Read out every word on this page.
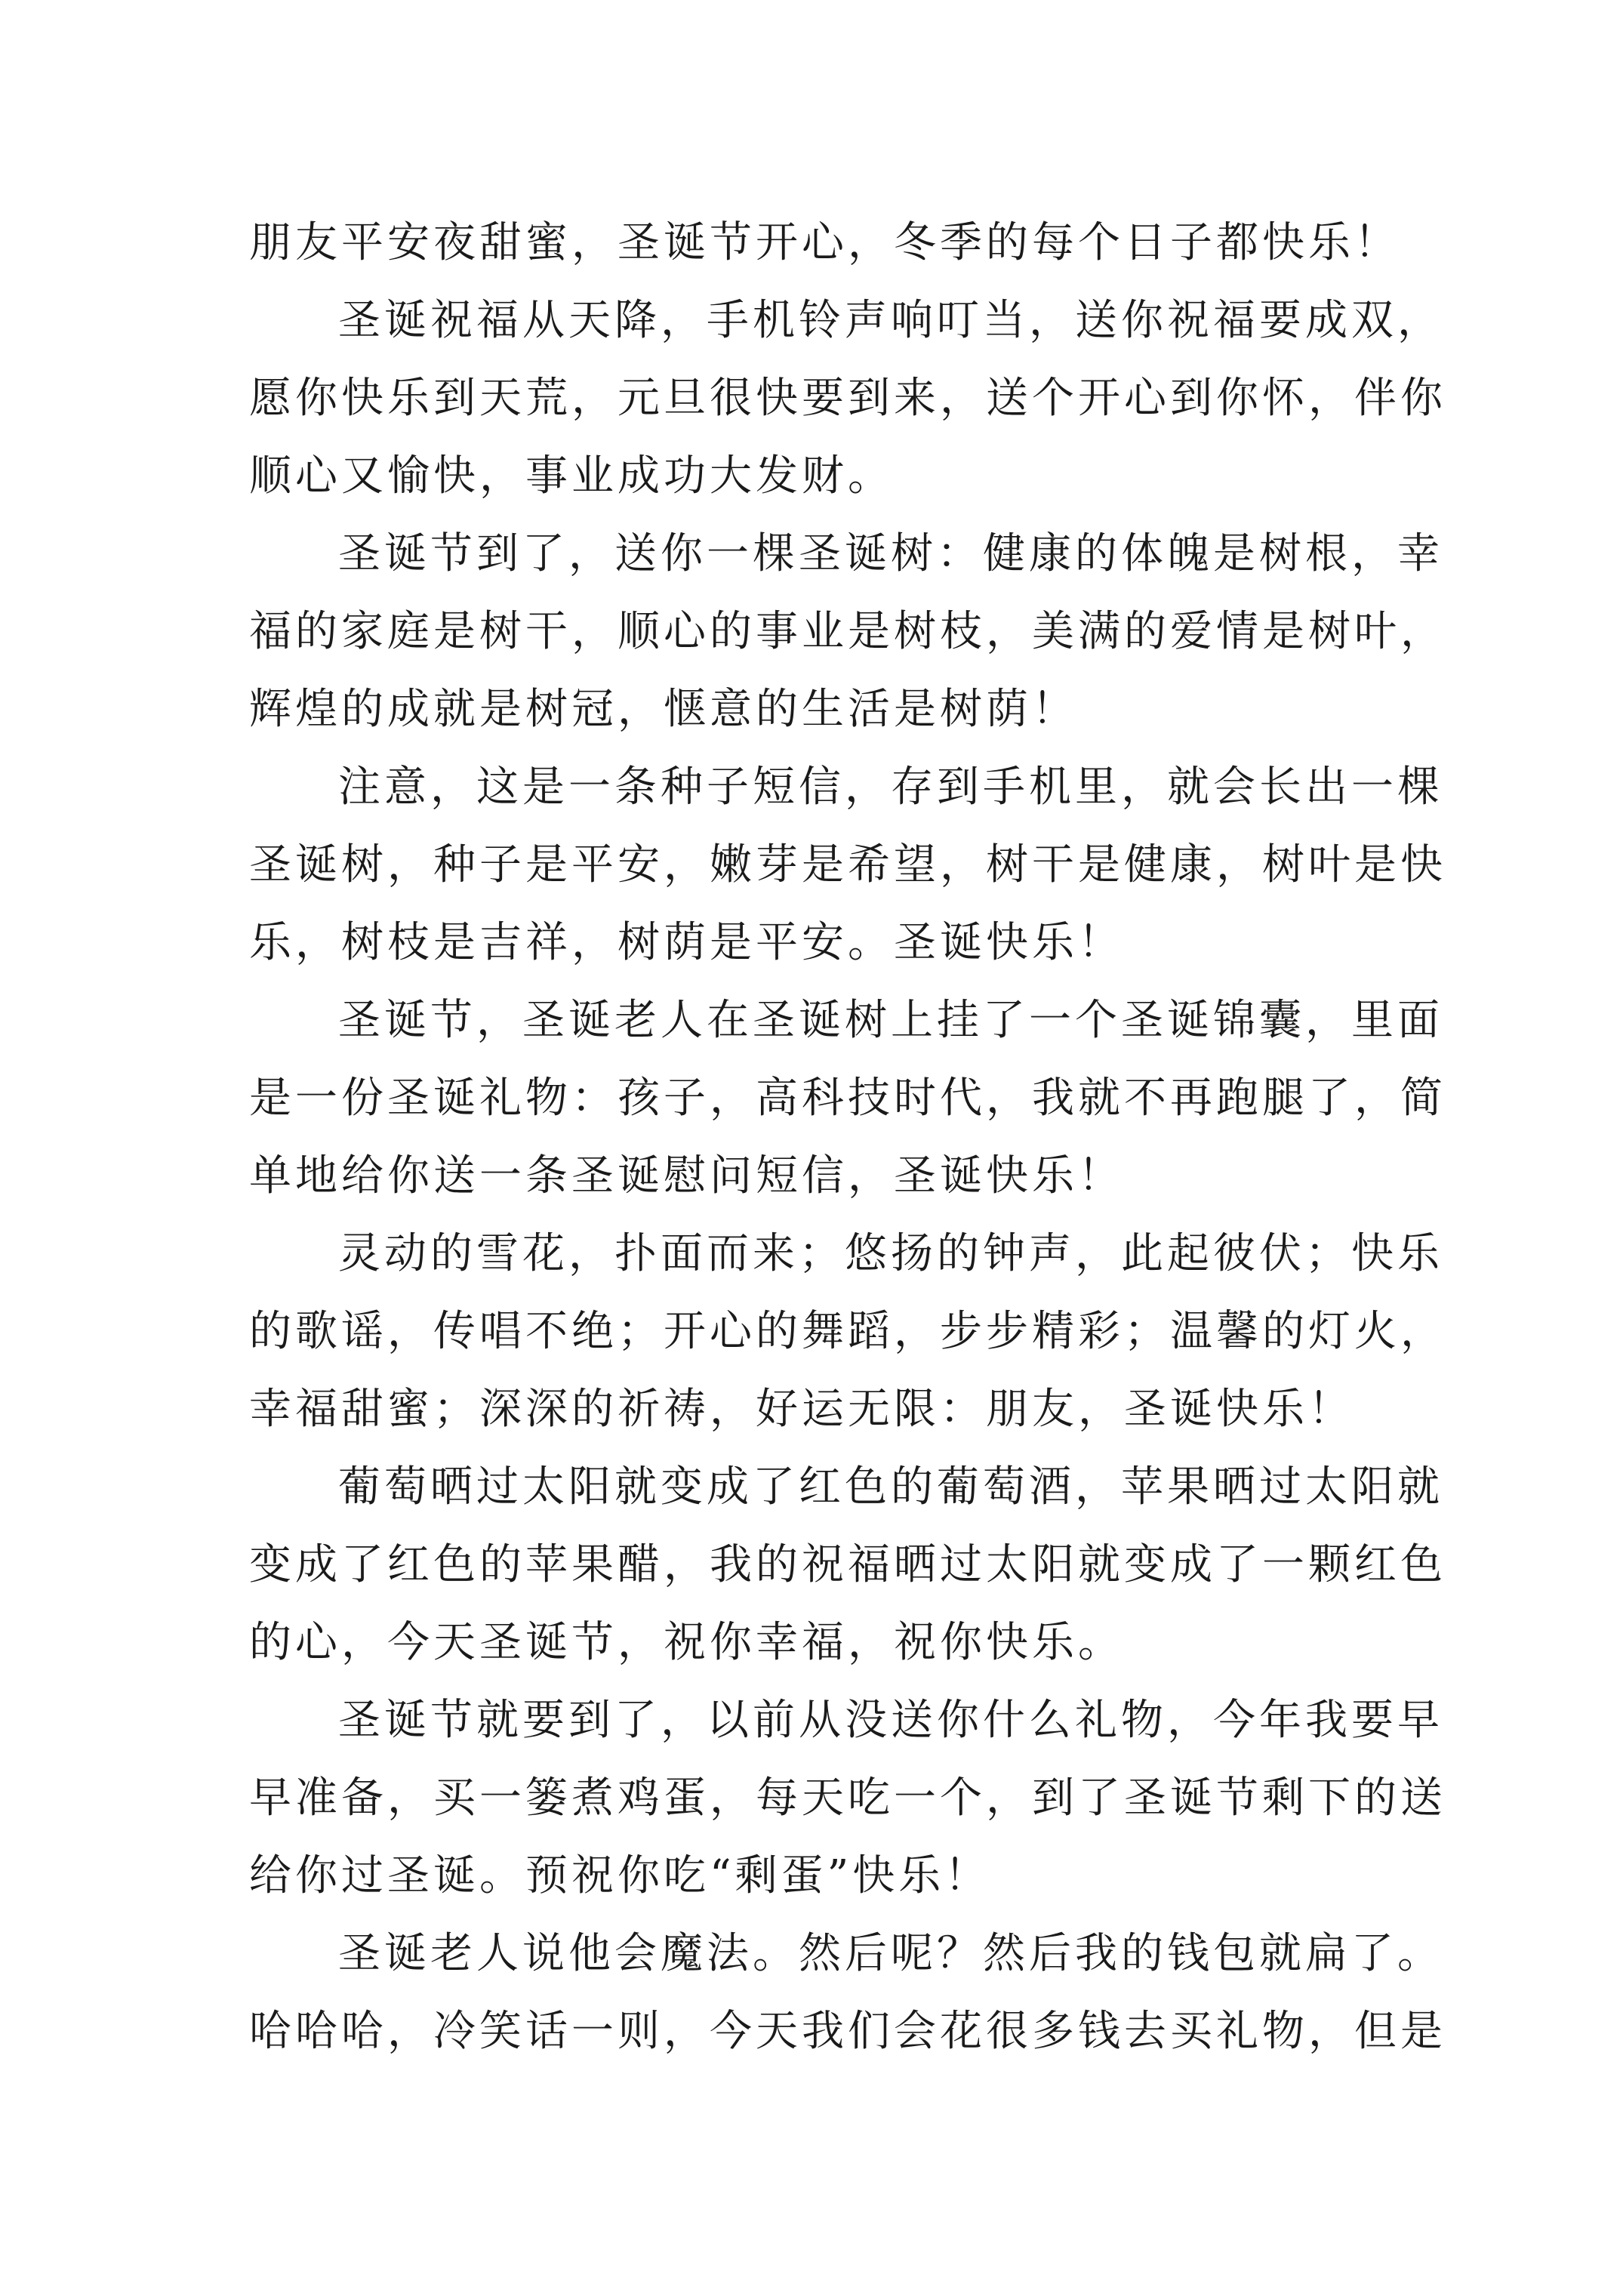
朋友平安夜甜蜜，圣诞节开心，冬季的每个日子都快乐！
圣诞祝福从天降，手机铃声响叮当，送你祝福要成双，
愿你快乐到天荒，元旦很快要到来，送个开心到你怀，伴你
顺心又愉快，事业成功大发财。
圣诞节到了，送你一棵圣诞树：健康的体魄是树根，幸
福的家庭是树干，顺心的事业是树枝，美满的爱情是树叶，
辉煌的成就是树冠，惬意的生活是树荫！
注意，这是一条种子短信，存到手机里，就会长出一棵
圣诞树，种子是平安，嫩芽是希望，树干是健康，树叶是快
乐，树枝是吉祥，树荫是平安。圣诞快乐！
圣诞节，圣诞老人在圣诞树上挂了一个圣诞锦囊，里面
是一份圣诞礼物：孩子，高科技时代，我就不再跑腿了，简
单地给你送一条圣诞慰问短信，圣诞快乐！
灵动的雪花，扑面而来；悠扬的钟声，此起彼伏；快乐
的歌谣，传唱不绝；开心的舞蹈，步步精彩；温馨的灯火，
幸福甜蜜；深深的祈祷，好运无限：朋友，圣诞快乐！
葡萄晒过太阳就变成了红色的葡萄酒，苹果晒过太阳就
变成了红色的苹果醋，我的祝福晒过太阳就变成了一颗红色
的心，今天圣诞节，祝你幸福，祝你快乐。
圣诞节就要到了，以前从没送你什么礼物，今年我要早
早准备，买一篓煮鸡蛋，每天吃一个，到了圣诞节剩下的送
给你过圣诞。预祝你吃“剩蛋”快乐！
圣诞老人说他会魔法。然后呢？然后我的钱包就扁了。
哈哈哈，冷笑话一则，今天我们会花很多钱去买礼物，但是
